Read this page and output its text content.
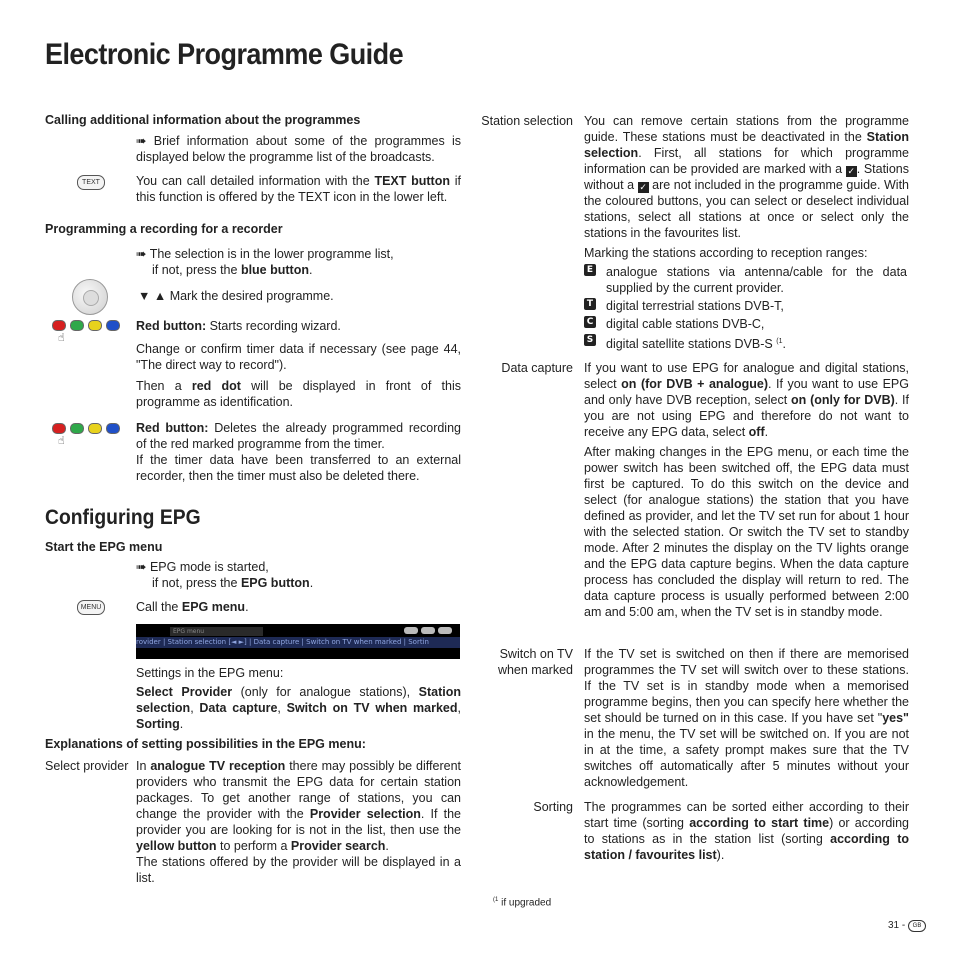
Electronic Programme Guide
Calling additional information about the programmes
➠ Brief information about some of the programmes is displayed below the programme list of the broadcasts.
TEXT	You can call detailed information with the TEXT button if this function is offered by the TEXT icon in the lower left.
Programming a recording for a recorder
➠ The selection is in the lower programme list,
if not, press the blue button.
▼ ▲ Mark the desired programme.
☝
Red button: Starts recording wizard.
Change or confirm timer data if necessary (see page 44, "The direct way to record").
Then a red dot will be displayed in front of this programme as identification.
☝
Red button: Deletes the already programmed recording of the red marked programme from the timer.
If the timer data have been transferred to an external recorder, then the timer must also be deleted there.
Configuring EPG
Start the EPG menu
➠ EPG mode is started,
if not, press the EPG button.
MENU	Call the EPG menu.
EPG menu
rovider | Station selection [◄ ►] | Data capture | Switch on TV when marked | Sortin
Settings in the EPG menu:
Select Provider (only for analogue stations), Station selection, Data capture, Switch on TV when marked, Sorting.
Explanations of setting possibilities in the EPG menu:
Select provider In analogue TV reception there may possibly be different providers who transmit the EPG data for certain station packages. To get another range of stations, you can change the provider with the Provider selection. If the provider you are looking for is not in the list, then use the yellow button to perform a Provider search.
The stations offered by the provider will be displayed in a list.
Station selection You can remove certain stations from the programme guide. These stations must be deactivated in the Station selection. First, all stations for which programme information can be provided are marked with a ✓ . Stations without a ✓ are not included in the programme guide. With the coloured buttons, you can select or deselect individual stations, select all stations at once or select only the stations in the favourites list.
Marking the stations according to reception ranges:
E analogue stations via antenna/cable for the data supplied by the current provider.
T digital terrestrial stations DVB-T,
C digital cable stations DVB-C,
S digital satellite stations DVB-S $^{(1}$.
Data capture If you want to use EPG for analogue and digital stations, select on (for DVB + analogue). If you want to use EPG and only have DVB reception, select on (only for DVB). If you are not using EPG and therefore do not want to receive any EPG data, select off.
After making changes in the EPG menu, or each time the power switch has been switched off, the EPG data must first be captured. To do this switch on the device and select (for analogue stations) the station that you have defined as provider, and let the TV set run for about 1 hour with the selected station. Or switch the TV set to standby mode. After 2 minutes the display on the TV lights orange and the EPG data capture begins. When the data capture process has concluded the display will return to red. The data capture process is usually performed between 2:00 am and 5:00 am, when the TV set is in standby mode.
Switch on TV when marked
If the TV set is switched on then if there are memorised programmes the TV set will switch over to these stations. If the TV set is in standby mode when a memorised programme begins, then you can specify here whether the set should be turned on in this case. If you have set "yes" in the menu, the TV set will be switched on. If you are not in at the time, a safety prompt makes sure that the TV switches off automatically after 5 minutes without your acknowledgement.
Sorting The programmes can be sorted either according to their start time (sorting according to start time) or according to stations as in the station list (sorting according to station / favourites list).
$^{(1}$ if upgraded
31 - GB
